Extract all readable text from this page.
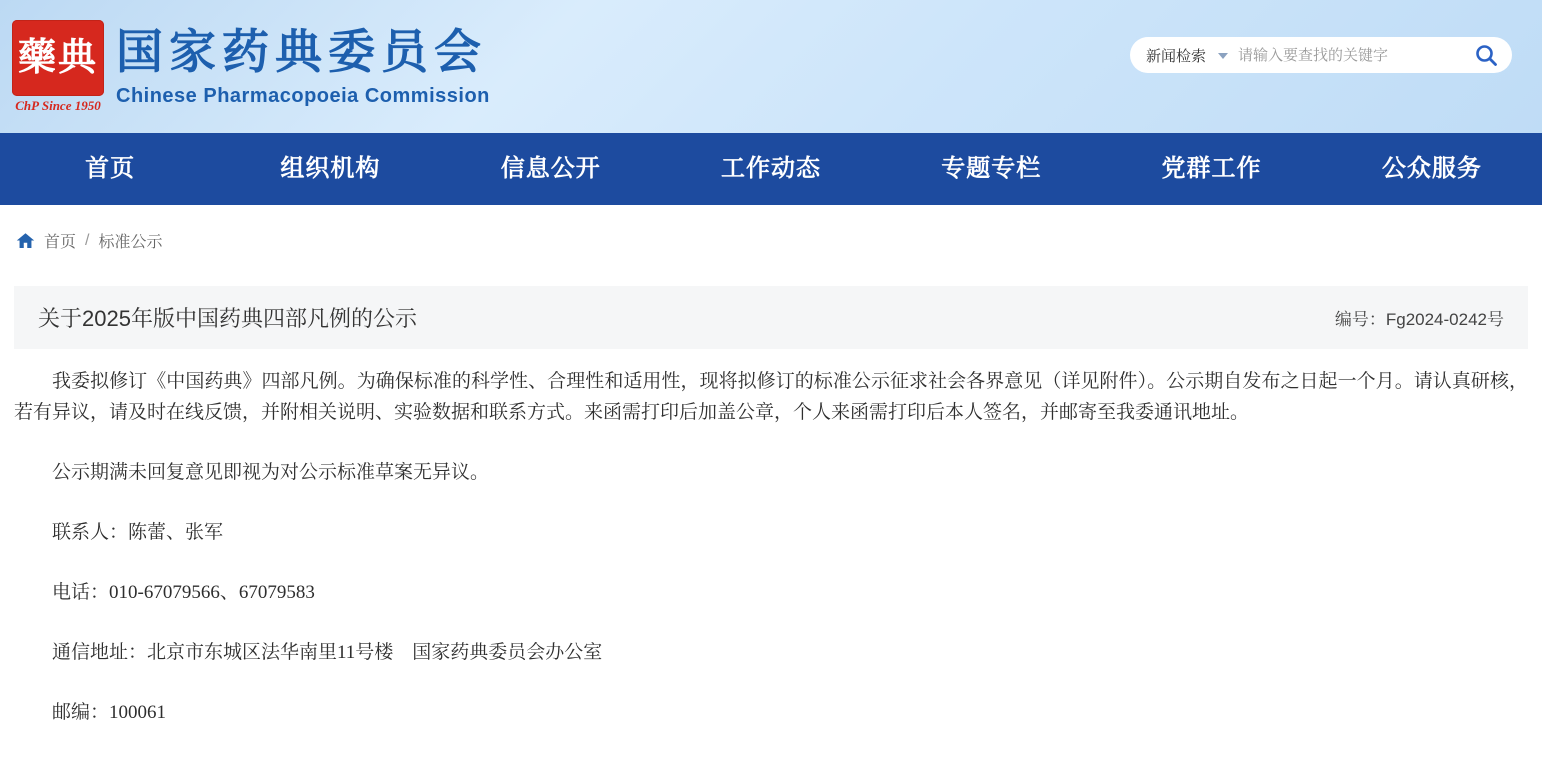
藥典
ChP Since 1950
国家药典委员会
Chinese Pharmacopoeia Commission
新闻检索
请输入要查找的关键字
首页	组织机构	信息公开	工作动态	专题专栏	党群工作	公众服务
首页 / 标准公示
关于2025年版中国药典四部凡例的公示	编号：Fg2024-0242号

我委拟修订《中国药典》四部凡例。为确保标准的科学性、合理性和适用性，现将拟修订的标准公示征求社会各界意见（详见附件）。公示期自发布之日起一个月。请认真研核，若有异议，请及时在线反馈，并附相关说明、实验数据和联系方式。来函需打印后加盖公章，个人来函需打印后本人签名，并邮寄至我委通讯地址。

公示期满未回复意见即视为对公示标准草案无异议。

联系人：陈蕾、张军

电话：010-67079566、67079583

通信地址：北京市东城区法华南里11号楼　国家药典委员会办公室

邮编：100061
